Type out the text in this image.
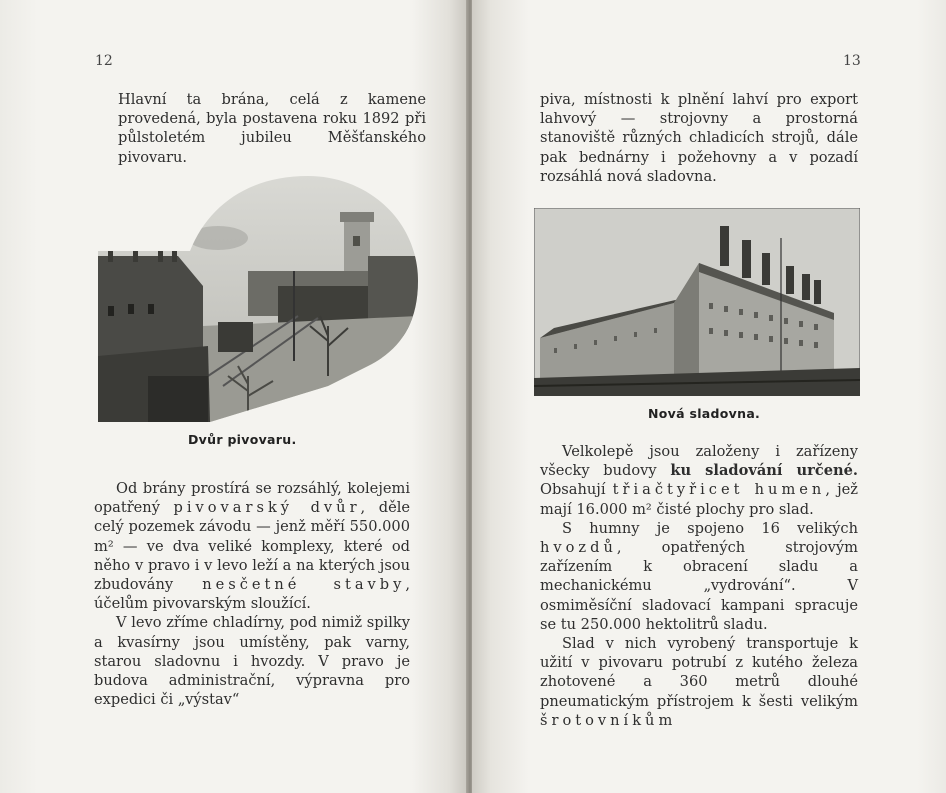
12

Hlavní ta brána, celá z kamene provedená, byla postavena roku 1892 při půlstoletém jubileu Měšťanského pivovaru.

Dvůr pivovaru.

Od brány prostírá se rozsáhlý, kolejemi opatřený pivovarský dvůr, děle celý pozemek závodu — jenž měří 550.000 m² — ve dva veliké komplexy, které od něho v pravo i v levo leží a na kterých jsou zbudovány nesčetné stavby, účelům pivovarským sloužící.

V levo zříme chladírny, pod nimiž spilky a kvasírny jsou umístěny, pak varny, starou sladovnu i hvozdy. V pravo je budova administrační, výpravna pro expedici či „výstav“

13

piva, místnosti k plnění lahví pro export lahvový — strojovny a prostorná stanoviště různých chladicích strojů, dále pak bednárny i požehovny a v pozadí rozsáhlá nová sladovna.

Nová sladovna.

Velkolepě jsou založeny i zařízeny všecky budovy ku sladování určené. Obsahují třiačtyřicet humen, jež mají 16.000 m² čisté plochy pro slad.

S humny je spojeno 16 velikých hvozdů, opatřených strojovým zařízením k obracení sladu a mechanickému „vydrování“. V osmiměsíční sladovací kampani spracuje se tu 250.000 hektolitrů sladu.

Slad v nich vyrobený transportuje k užití v pivovaru potrubí z kutého železa zhotovené a 360 metrů dlouhé pneumatickým přístrojem k šesti velikým šrotovníkům
